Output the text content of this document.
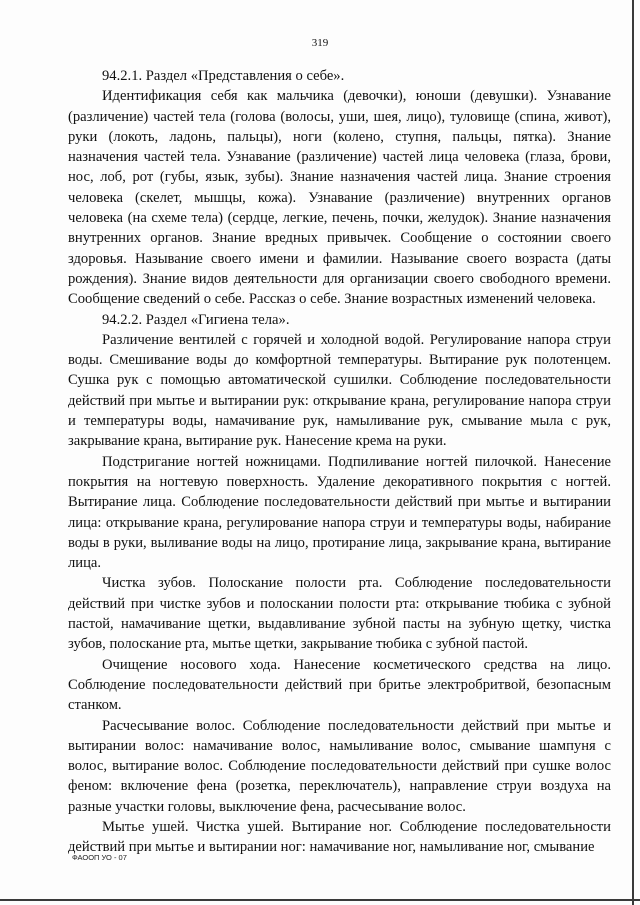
319

94.2.1. Раздел «Представления о себе».

Идентификация себя как мальчика (девочки), юноши (девушки). Узнавание (различение) частей тела (голова (волосы, уши, шея, лицо), туловище (спина, живот), руки (локоть, ладонь, пальцы), ноги (колено, ступня, пальцы, пятка). Знание назначения частей тела. Узнавание (различение) частей лица человека (глаза, брови, нос, лоб, рот (губы, язык, зубы). Знание назначения частей лица. Знание строения человека (скелет, мышцы, кожа). Узнавание (различение) внутренних органов человека (на схеме тела) (сердце, легкие, печень, почки, желудок). Знание назначения внутренних органов. Знание вредных привычек. Сообщение о состоянии своего здоровья. Называние своего имени и фамилии. Называние своего возраста (даты рождения). Знание видов деятельности для организации своего свободного времени. Сообщение сведений о себе. Рассказ о себе. Знание возрастных изменений человека.

94.2.2. Раздел «Гигиена тела».

Различение вентилей с горячей и холодной водой. Регулирование напора струи воды. Смешивание воды до комфортной температуры. Вытирание рук полотенцем. Сушка рук с помощью автоматической сушилки. Соблюдение последовательности действий при мытье и вытирании рук: открывание крана, регулирование напора струи и температуры воды, намачивание рук, намыливание рук, смывание мыла с рук, закрывание крана, вытирание рук. Нанесение крема на руки.

Подстригание ногтей ножницами. Подпиливание ногтей пилочкой. Нанесение покрытия на ногтевую поверхность. Удаление декоративного покрытия с ногтей. Вытирание лица. Соблюдение последовательности действий при мытье и вытирании лица: открывание крана, регулирование напора струи и температуры воды, набирание воды в руки, выливание воды на лицо, протирание лица, закрывание крана, вытирание лица.

Чистка зубов. Полоскание полости рта. Соблюдение последовательности действий при чистке зубов и полоскании полости рта: открывание тюбика с зубной пастой, намачивание щетки, выдавливание зубной пасты на зубную щетку, чистка зубов, полоскание рта, мытье щетки, закрывание тюбика с зубной пастой.

Очищение носового хода. Нанесение косметического средства на лицо. Соблюдение последовательности действий при бритье электробритвой, безопасным станком.

Расчесывание волос. Соблюдение последовательности действий при мытье и вытирании волос: намачивание волос, намыливание волос, смывание шампуня с волос, вытирание волос. Соблюдение последовательности действий при сушке волос феном: включение фена (розетка, переключатель), направление струи воздуха на разные участки головы, выключение фена, расчесывание волос.

Мытье ушей. Чистка ушей. Вытирание ног. Соблюдение последовательности действий при мытье и вытирании ног: намачивание ног, намыливание ног, смывание

ФАООП УО - 07
